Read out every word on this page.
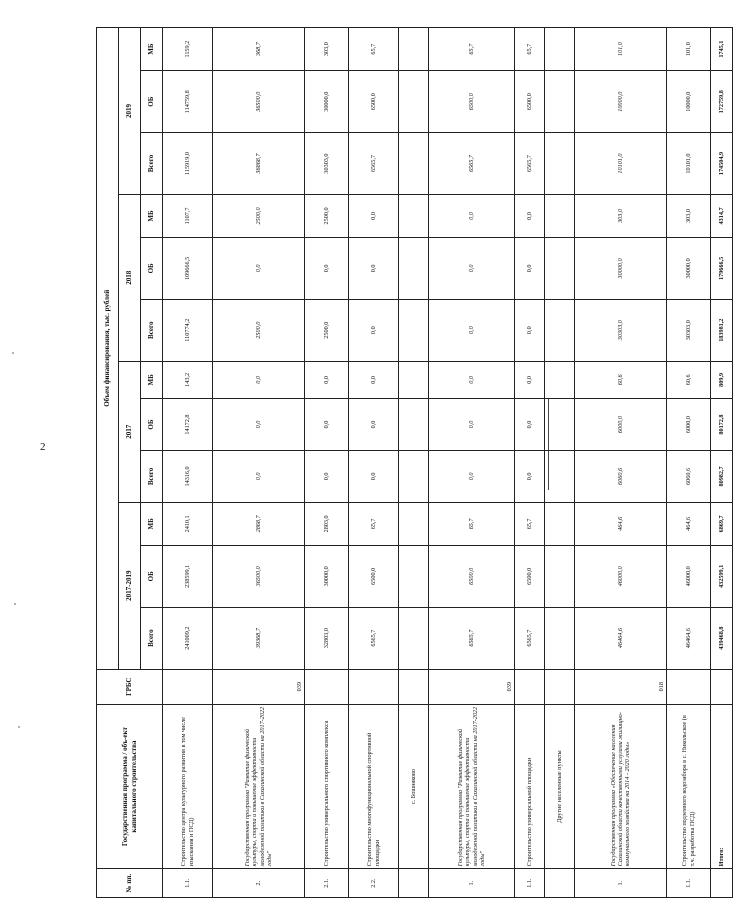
2
№ пп.	Государственная программа / объ-ект капитального строительства	ГРБС	Объем финансирования, тыс. рублей											
			2017-2019			2017			2018			2019		
			Всего	ОБ	МБ	Всего	ОБ	МБ	Всего	ОБ	МБ	Всего	ОБ	МБ
1.1.	Строительство центра культурного развития в том числе изыскания и ПСД)		241009,2	238599,1	2410,1	14316,0	14172,8	143,2	110774,2	109666,5	1107,7	115919,0	114759,8	1159,2
2.	Государственная программа "Развитие физической культуры, спорта и повышение эффективности молодежной политики в Сахалинской области на 2017-2022 годы"	039	39368,7	36500,0	2868,7	0,0	0,0	0,0	2500,0	0,0	2500,0	36868,7	36500,0	368,7
2.1.	Строительство универсального спортивного комплекса		32803,0	30000,0	2803,0	0,0	0,0	0,0	2500,0	0,0	2500,0	30303,0	30000,0	303,0
2.2.	Строительство многофункциональной спортивной площадки		6565,7	6500,0	65,7	0,0	0,0	0,0	0,0	0,0	0,0	6565,7	6500,0	65,7
	с. Бошняково													
1.	Государственная программа "Развитие физической культуры, спорта и повышение эффективности молодежной политики в Сахалинской области на 2017-2022 годы"	039	6565,7	6500,0	65,7	0,0	0,0	0,0	0,0	0,0	0,0	6565,7	6500,0	65,7
1.1.	Строительство универсальной площадки		6565,7	6500,0	65,7	0,0	0,0	0,0	0,0	0,0	0,0	6565,7	6500,0	65,7
	Другие населенные пункты													
1.	Государственная программа «Обеспечение населения Сахалинской области качественными услугами жилищно-коммунального хозяйства на 2014 - 2020 годы»	018	46464,6	46000,0	464,6	6060,6	6000,0	60,6	30303,0	30000,0	303,0	10101,0	10000,0	101,0
1.1.	Строительство подземного водозабора в с. Никольское (в т.ч. разработка ПСД)		46464,6	46000,0	464,6	6060,6	6000,0	60,6	30303,0	30000,0	303,0	10101,0	10000,0	101,0
	Итого:		439468,8	432599,1	6869,7	80982,7	80172,8	809,9	183981,2	179666,5	4314,7	174504,9	172759,8	1745,1
